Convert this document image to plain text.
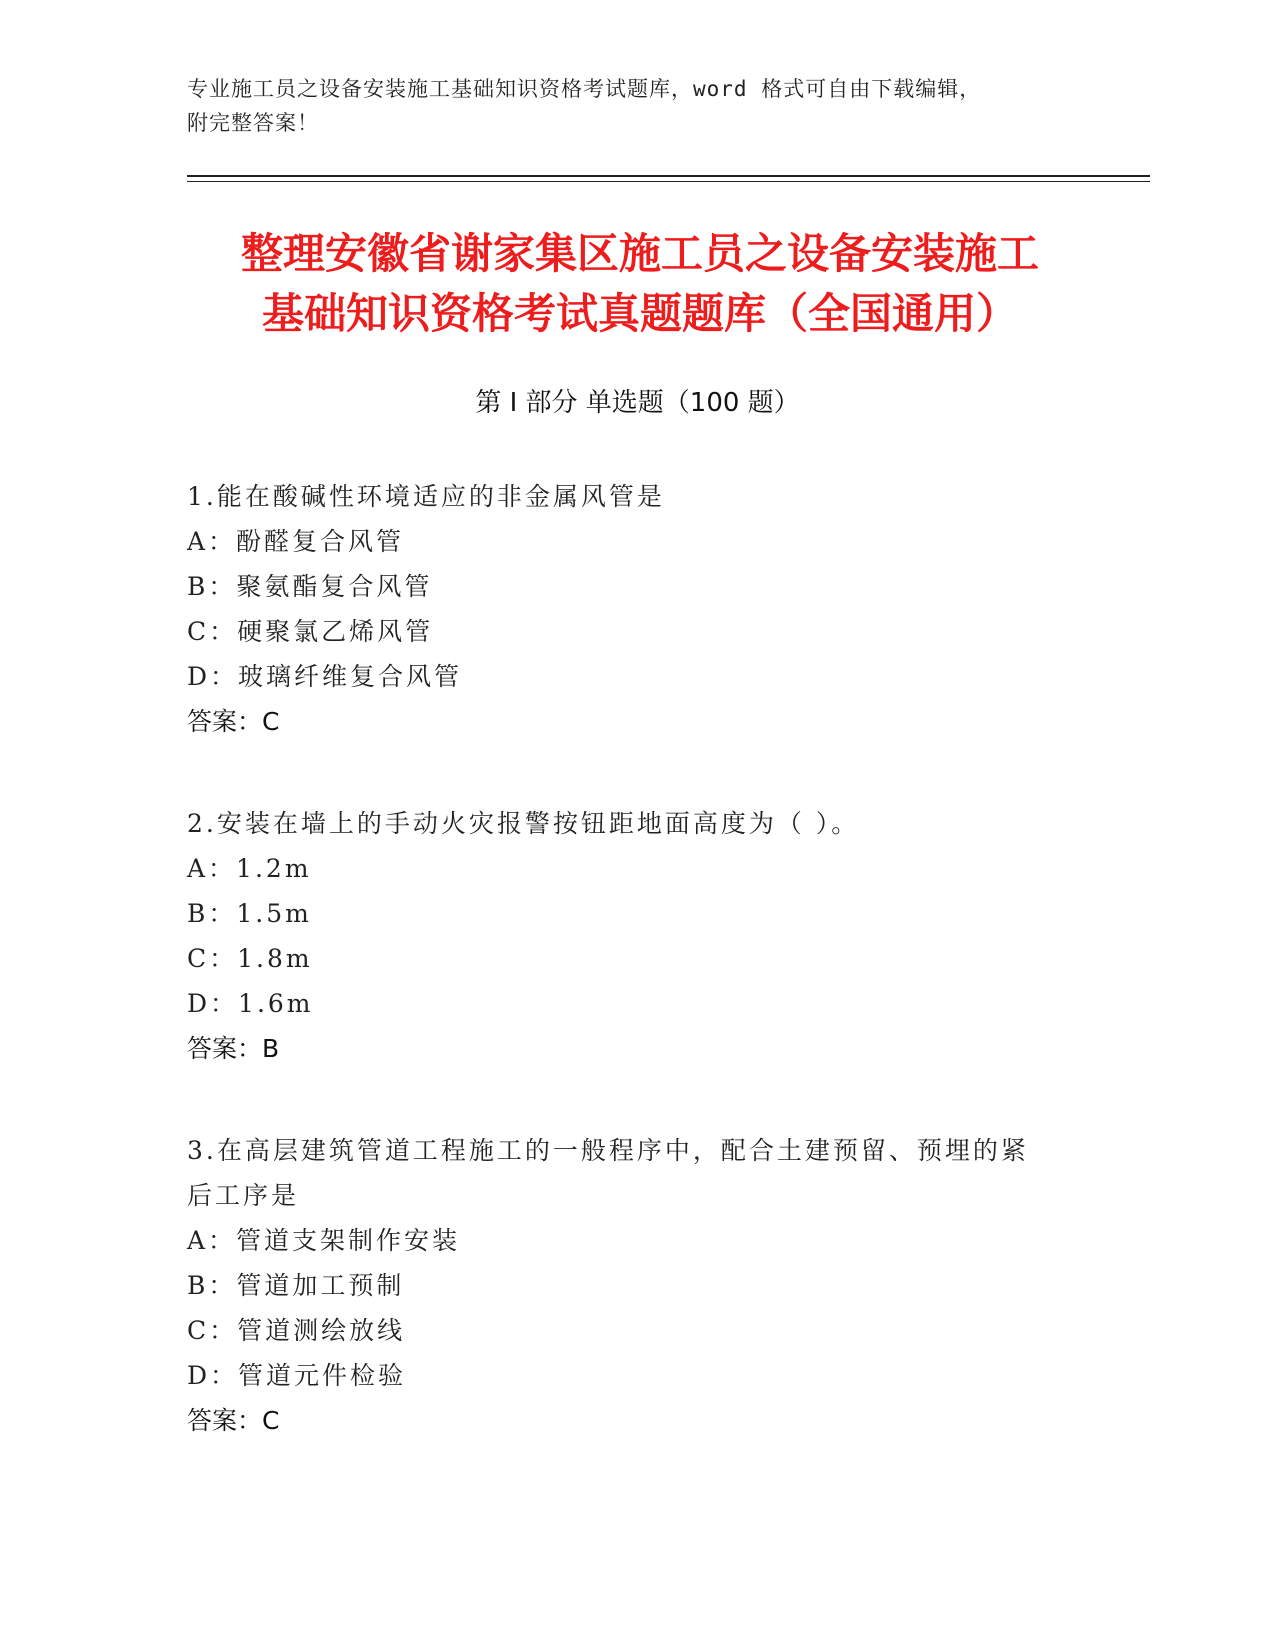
专业施工员之设备安装施工基础知识资格考试题库，word 格式可自由下载编辑，
附完整答案！
整理安徽省谢家集区施工员之设备安装施工
基础知识资格考试真题题库（全国通用）
第 I 部分 单选题（100 题）

1.能在酸碱性环境适应的非金属风管是

A：酚醛复合风管

B：聚氨酯复合风管

C：硬聚氯乙烯风管

D：玻璃纤维复合风管

答案：C

2.安装在墙上的手动火灾报警按钮距地面高度为（ ）。

A：1.2m

B：1.5m

C：1.8m

D：1.6m

答案：B

3.在高层建筑管道工程施工的一般程序中，配合土建预留、预埋的紧

后工序是

A：管道支架制作安装

B：管道加工预制

C：管道测绘放线

D：管道元件检验

答案：C
